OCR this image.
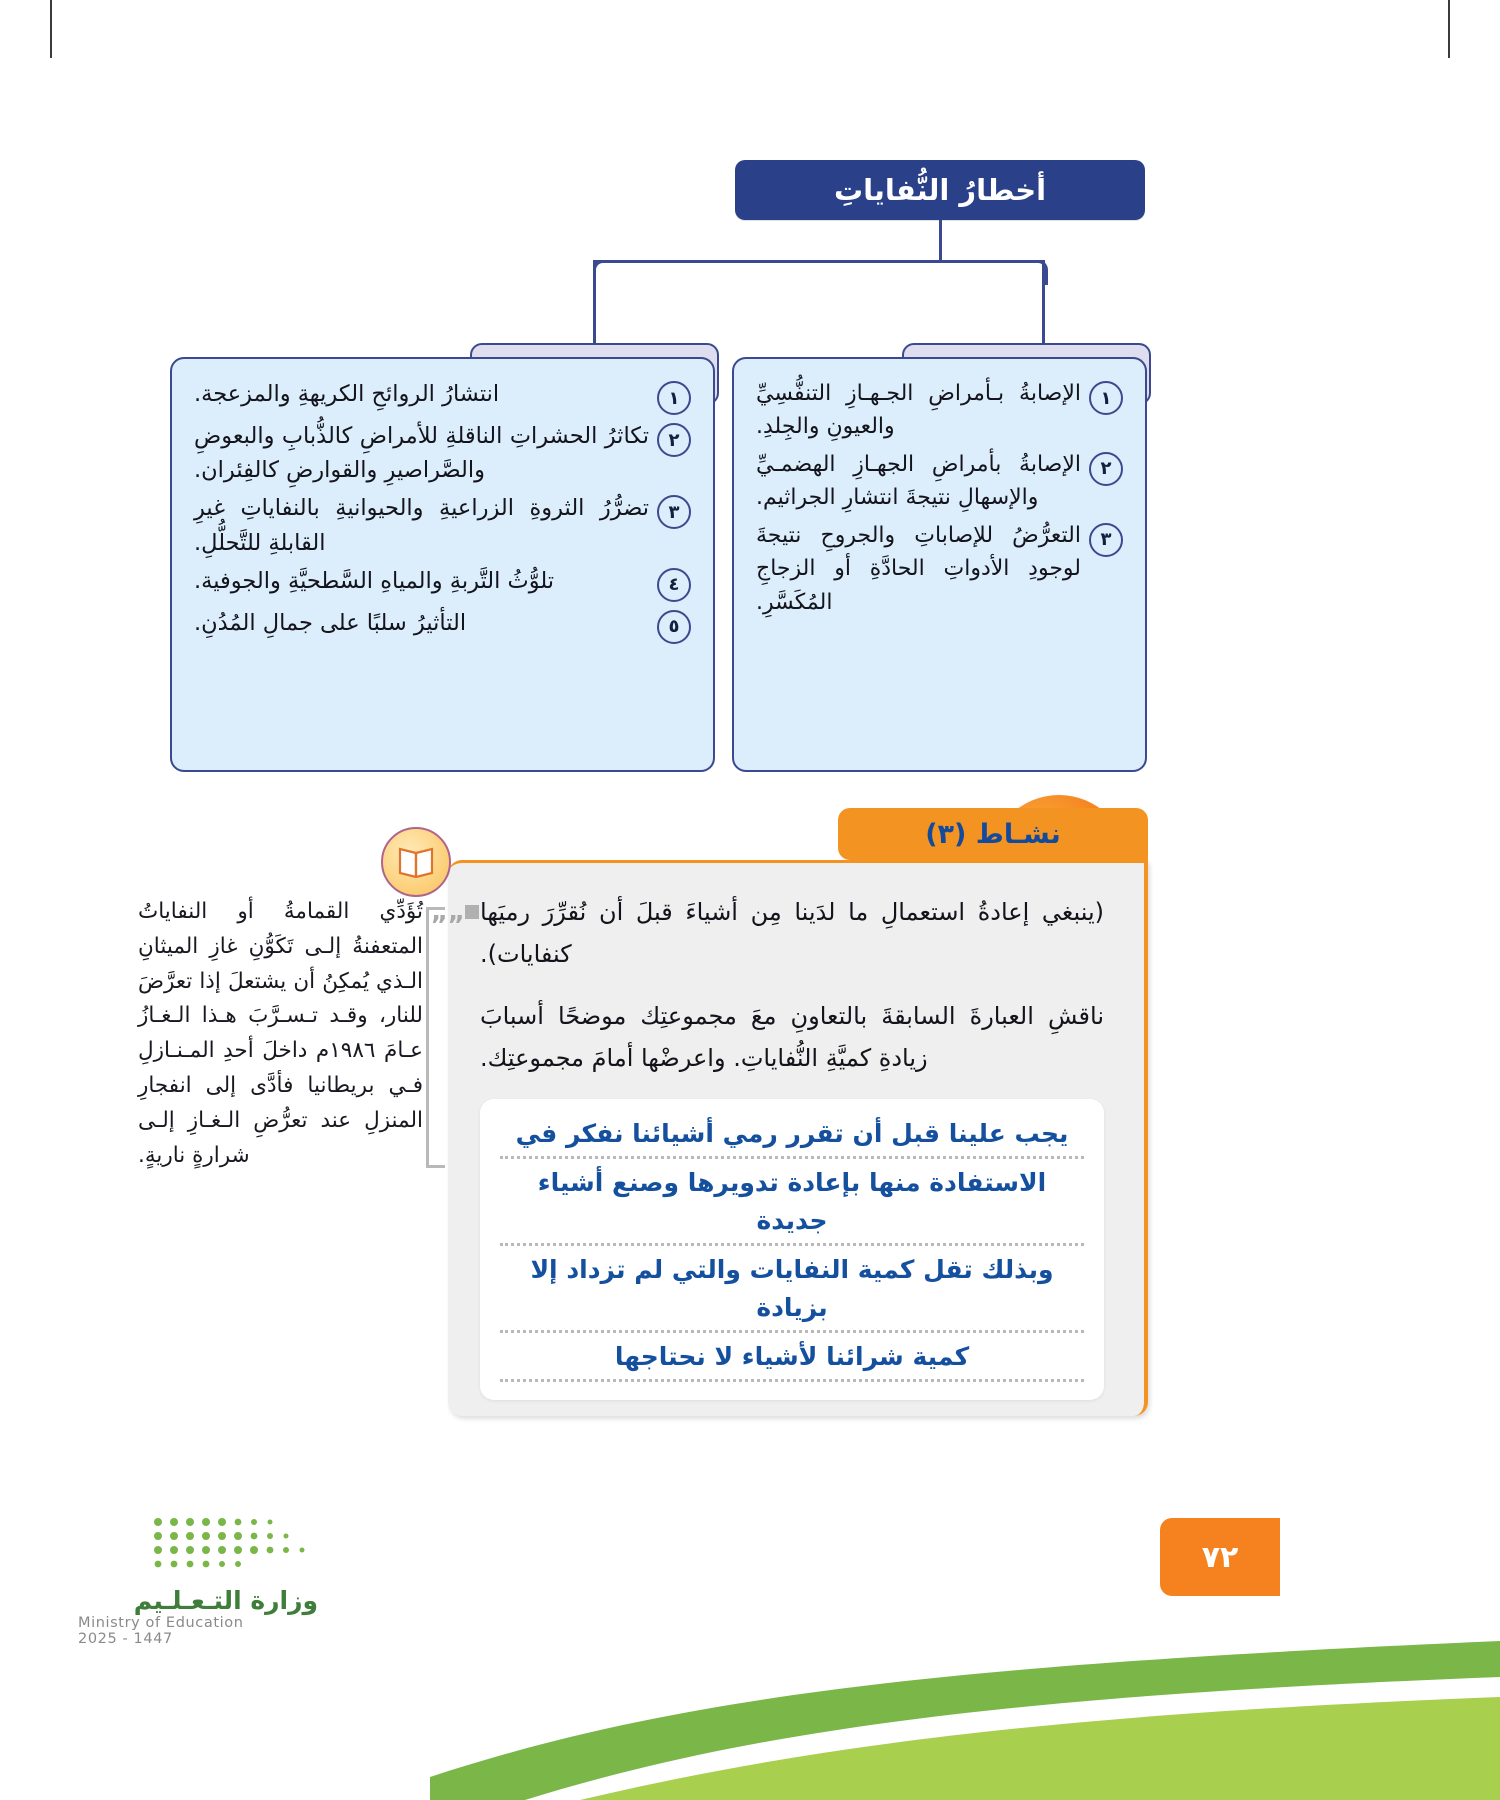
أخطارُ النُّفاياتِ
١
انتشارُ الروائحِ الكريهةِ والمزعجة.
٢
تكاثرُ الحشراتِ الناقلةِ للأمراضِ كالذُّبابِ والبعوضِ والصَّراصيرِ والقوارضِ كالفِئران.
٣
تضرُّرُ الثروةِ الزراعيةِ والحيوانيةِ بالنفاياتِ غيرِ القابلةِ للتَّحلُّلِ.
٤
تلوُّثُ التَّربةِ والمياهِ السَّطحيَّةِ والجوفية.
٥
التأثيرُ سلبًا على جمالِ المُدُنِ.
١
الإصابةُ بـأمراضِ الجـهـازِ التنفُّسِيِّ والعيونِ والجِلدِ.
٢
الإصابةُ بأمراضِ الجهـازِ الهضمـيِّ والإسهالِ نتيجةَ انتشارِ الجراثيم.
٣
التعرُّضُ للإصاباتِ والجروحِ نتيجةَ لوجودِ الأدواتِ الحادَّةِ أو الزجاجِ المُكَسَّرِ.
نشـاط (٣)

(ينبغي إعادةُ استعمالِ ما لدَينا مِن أشياءَ قبلَ أن نُقرِّرَ رميَها كنفايات).

ناقشِ العبارةَ السابقةَ بالتعاونِ معَ مجموعتِك موضحًا أسبابَ زيادةِ كميَّةِ النُّفاياتِ. واعرضْها أمامَ مجموعتِك.

يجب علينا قبل أن تقرر رمي أشيائنا نفكر في
الاستفادة منها بإعادة تدويرها وصنع أشياء جديدة
وبذلك تقل كمية النفايات والتي لم تزداد إلا بزيادة
كمية شرائنا لأشياء لا نحتاجها
„„
تُؤَدِّي القمامةُ أو النفاياتُ المتعفنةُ إلـى تَكَوُّنِ غازِ الميثانِ الـذي يُمكِنُ أن يشتعلَ إذا تعرَّضَ للنار، وقـد تـسـرَّبَ هـذا الـغـازُ عـامَ ١٩٨٦م داخلَ أحدِ المـنـازلِ فـي بريطانيا فأدَّى إلى انفجارِ المنزلِ عند تعرُّضِ الـغـازِ إلـى شرارةٍ ناريةٍ.
٧٢
وزارة التـعـلـيم
Ministry of Education
2025 - 1447
